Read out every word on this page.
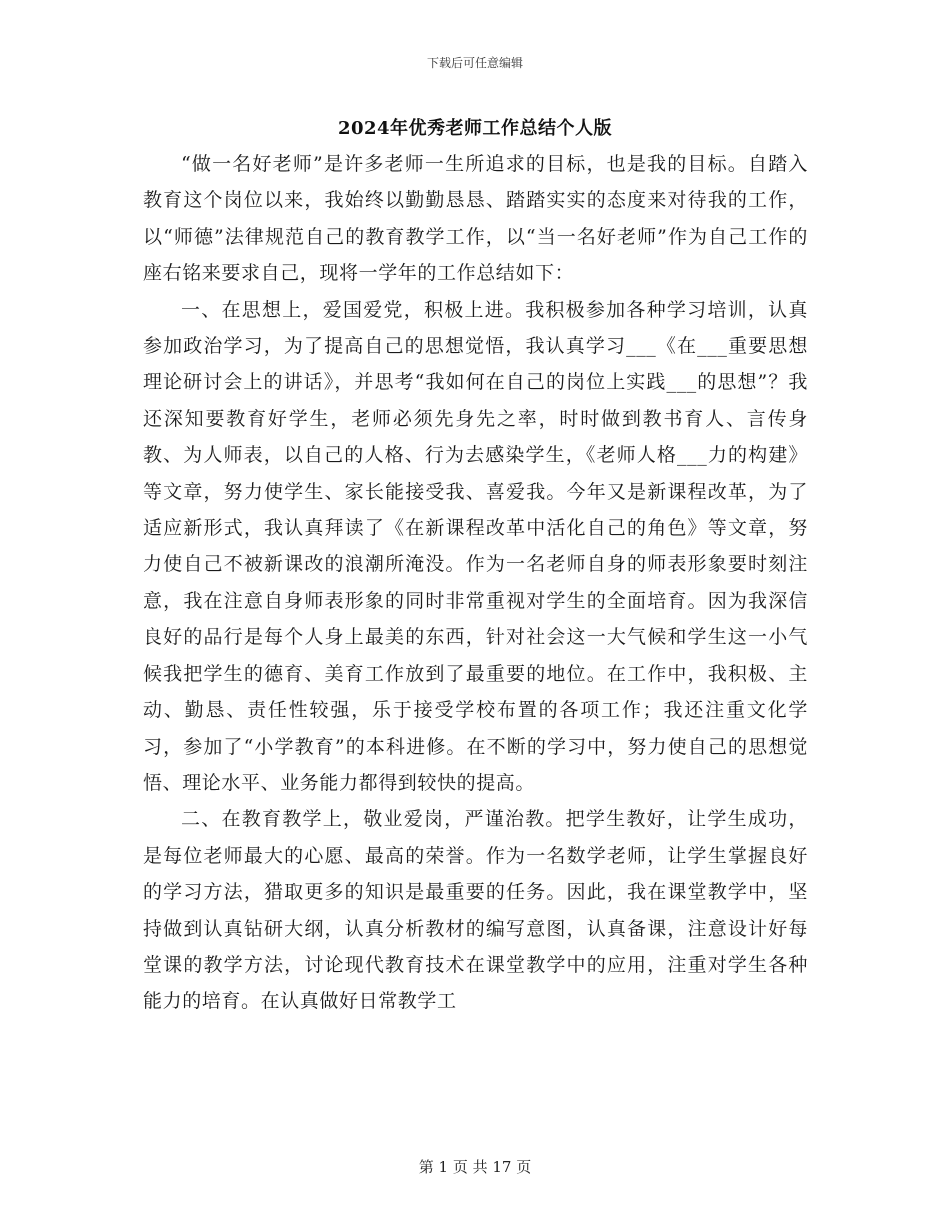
下载后可任意编辑
2024年优秀老师工作总结个人版

“做一名好老师”是许多老师一生所追求的目标，也是我的目标。自踏入教育这个岗位以来，我始终以勤勤恳恳、踏踏实实的态度来对待我的工作，以“师德”法律规范自己的教育教学工作，以“当一名好老师”作为自己工作的座右铭来要求自己，现将一学年的工作总结如下：

一、在思想上，爱国爱党，积极上进。我积极参加各种学习培训，认真参加政治学习，为了提高自己的思想觉悟，我认真学习___《在___重要思想理论研讨会上的讲话》，并思考“我如何在自己的岗位上实践___的思想”？我还深知要教育好学生，老师必须先身先之率，时时做到教书育人、言传身教、为人师表，以自己的人格、行为去感染学生，《老师人格___力的构建》等文章，努力使学生、家长能接受我、喜爱我。今年又是新课程改革，为了适应新形式，我认真拜读了《在新课程改革中活化自己的角色》等文章，努力使自己不被新课改的浪潮所淹没。作为一名老师自身的师表形象要时刻注意，我在注意自身师表形象的同时非常重视对学生的全面培育。因为我深信良好的品行是每个人身上最美的东西，针对社会这一大气候和学生这一小气候我把学生的德育、美育工作放到了最重要的地位。在工作中，我积极、主动、勤恳、责任性较强，乐于接受学校布置的各项工作；我还注重文化学习，参加了“小学教育”的本科进修。在不断的学习中，努力使自己的思想觉悟、理论水平、业务能力都得到较快的提高。

二、在教育教学上，敬业爱岗，严谨治教。把学生教好，让学生成功，是每位老师最大的心愿、最高的荣誉。作为一名数学老师，让学生掌握良好的学习方法，猎取更多的知识是最重要的任务。因此，我在课堂教学中，坚持做到认真钻研大纲，认真分析教材的编写意图，认真备课，注意设计好每堂课的教学方法，讨论现代教育技术在课堂教学中的应用，注重对学生各种能力的培育。在认真做好日常教学工

第 1 页 共 17 页
